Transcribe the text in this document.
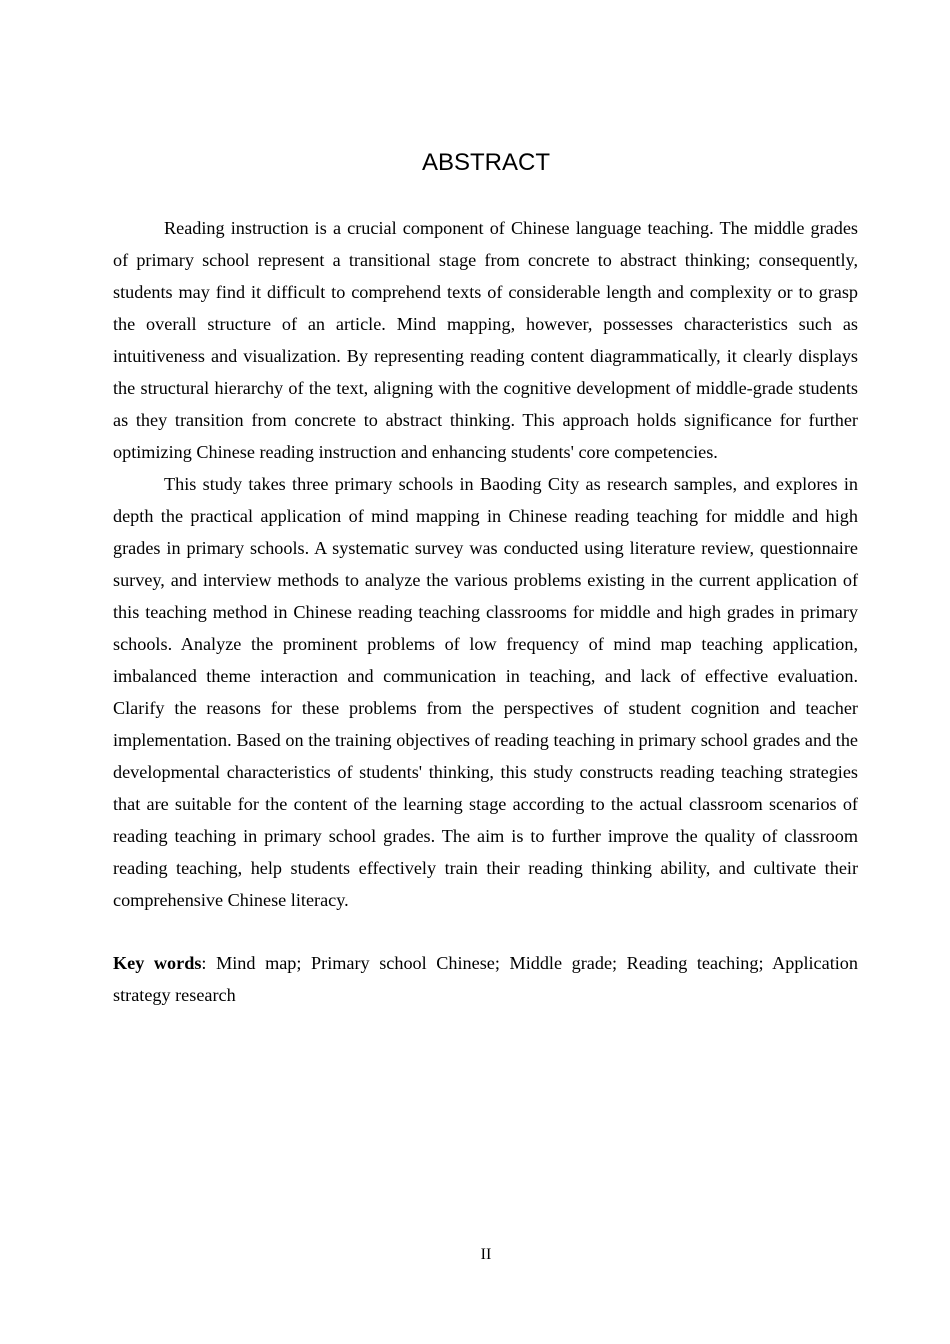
ABSTRACT

Reading instruction is a crucial component of Chinese language teaching. The middle grades of primary school represent a transitional stage from concrete to abstract thinking; consequently, students may find it difficult to comprehend texts of considerable length and complexity or to grasp the overall structure of an article. Mind mapping, however, possesses characteristics such as intuitiveness and visualization. By representing reading content diagrammatically, it clearly displays the structural hierarchy of the text, aligning with the cognitive development of middle-grade students as they transition from concrete to abstract thinking. This approach holds significance for further optimizing Chinese reading instruction and enhancing students' core competencies.

This study takes three primary schools in Baoding City as research samples, and explores in depth the practical application of mind mapping in Chinese reading teaching for middle and high grades in primary schools. A systematic survey was conducted using literature review, questionnaire survey, and interview methods to analyze the various problems existing in the current application of this teaching method in Chinese reading teaching classrooms for middle and high grades in primary schools. Analyze the prominent problems of low frequency of mind map teaching application, imbalanced theme interaction and communication in teaching, and lack of effective evaluation. Clarify the reasons for these problems from the perspectives of student cognition and teacher implementation. Based on the training objectives of reading teaching in primary school grades and the developmental characteristics of students' thinking, this study constructs reading teaching strategies that are suitable for the content of the learning stage according to the actual classroom scenarios of reading teaching in primary school grades. The aim is to further improve the quality of classroom reading teaching, help students effectively train their reading thinking ability, and cultivate their comprehensive Chinese literacy.

Key words: Mind map; Primary school Chinese; Middle grade; Reading teaching; Application strategy research

II
